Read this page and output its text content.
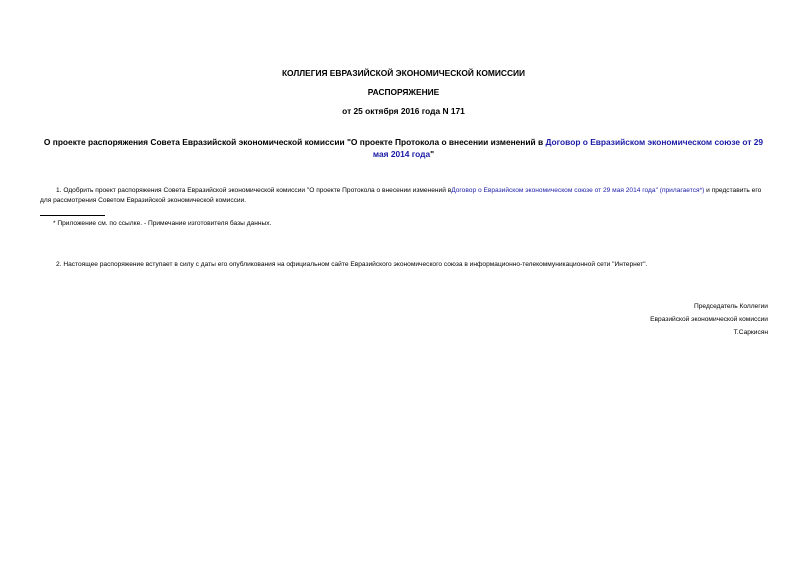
КОЛЛЕГИЯ ЕВРАЗИЙСКОЙ ЭКОНОМИЧЕСКОЙ КОМИССИИ
РАСПОРЯЖЕНИЕ
от 25 октября 2016 года N 171
О проекте распоряжения Совета Евразийской экономической комиссии "О проекте Протокола о внесении изменений в Договор о Евразийском экономическом союзе от 29 мая 2014 года"
1. Одобрить проект распоряжения Совета Евразийской экономической комиссии "О проекте Протокола о внесении изменений вДоговор о Евразийском экономическом союзе от 29 мая 2014 года" (прилагается*) и представить его для рассмотрения Советом Евразийской экономической комиссии.
* Приложение см. по ссылке. - Примечание изготовителя базы данных.
2. Настоящее распоряжение вступает в силу с даты его опубликования на официальном сайте Евразийского экономического союза в информационно-телекоммуникационной сети "Интернет".
Председатель Коллегии
Евразийской экономической комиссии
Т.Саркисян
